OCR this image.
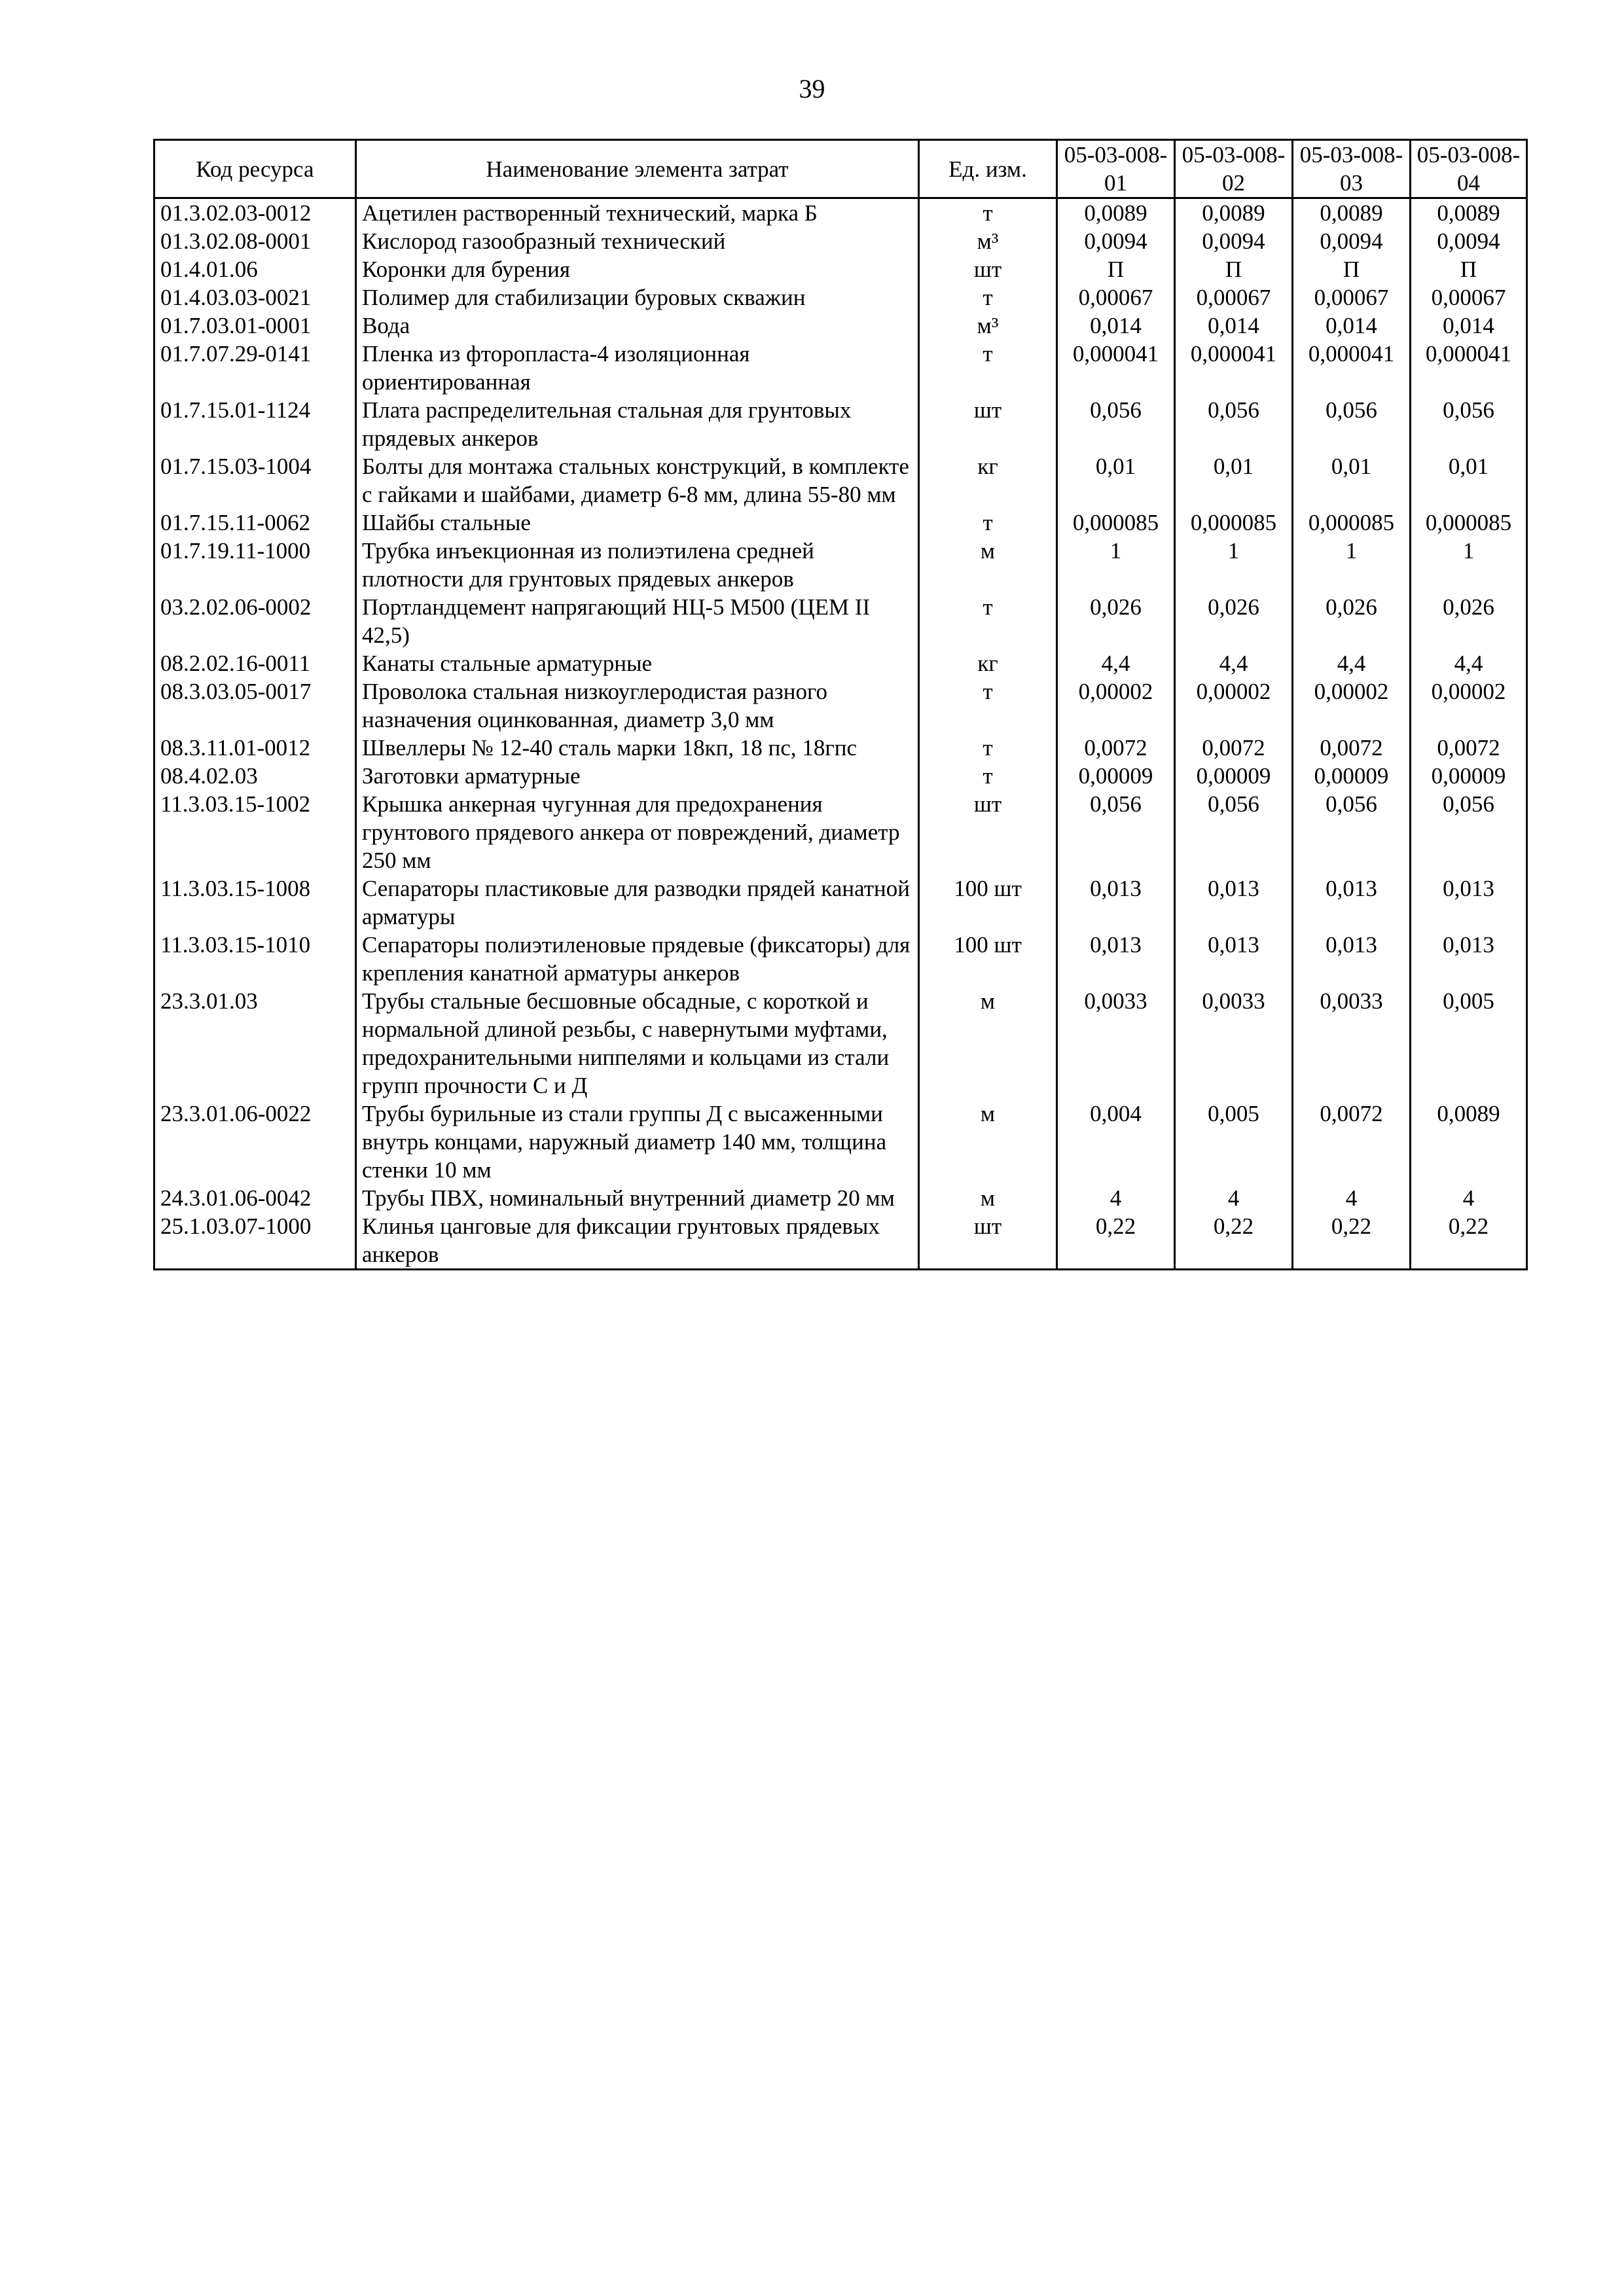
39
Код ресурса	Наименование элемента затрат	Ед. изм.	05-03-008-01	05-03-008-02	05-03-008-03	05-03-008-04
01.3.02.03-0012	Ацетилен растворенный технический, марка Б	т	0,0089	0,0089	0,0089	0,0089
01.3.02.08-0001	Кислород газообразный технический	м³	0,0094	0,0094	0,0094	0,0094
01.4.01.06	Коронки для бурения	шт	П	П	П	П
01.4.03.03-0021	Полимер для стабилизации буровых скважин	т	0,00067	0,00067	0,00067	0,00067
01.7.03.01-0001	Вода	м³	0,014	0,014	0,014	0,014
01.7.07.29-0141	Пленка из фторопласта-4 изоляционная ориентированная	т	0,000041	0,000041	0,000041	0,000041
01.7.15.01-1124	Плата распределительная стальная для грунтовых прядевых анкеров	шт	0,056	0,056	0,056	0,056
01.7.15.03-1004	Болты для монтажа стальных конструкций, в комплекте с гайками и шайбами, диаметр 6-8 мм, длина 55-80 мм	кг	0,01	0,01	0,01	0,01
01.7.15.11-0062	Шайбы стальные	т	0,000085	0,000085	0,000085	0,000085
01.7.19.11-1000	Трубка инъекционная из полиэтилена средней плотности для грунтовых прядевых анкеров	м	1	1	1	1
03.2.02.06-0002	Портландцемент напрягающий НЦ-5 М500 (ЦЕМ II 42,5)	т	0,026	0,026	0,026	0,026
08.2.02.16-0011	Канаты стальные арматурные	кг	4,4	4,4	4,4	4,4
08.3.03.05-0017	Проволока стальная низкоуглеродистая разного назначения оцинкованная, диаметр 3,0 мм	т	0,00002	0,00002	0,00002	0,00002
08.3.11.01-0012	Швеллеры № 12-40 сталь марки 18кп, 18 пс, 18гпс	т	0,0072	0,0072	0,0072	0,0072
08.4.02.03	Заготовки арматурные	т	0,00009	0,00009	0,00009	0,00009
11.3.03.15-1002	Крышка анкерная чугунная для предохранения грунтового прядевого анкера от повреждений, диаметр 250 мм	шт	0,056	0,056	0,056	0,056
11.3.03.15-1008	Сепараторы пластиковые для разводки прядей канатной арматуры	100 шт	0,013	0,013	0,013	0,013
11.3.03.15-1010	Сепараторы полиэтиленовые прядевые (фиксаторы) для крепления канатной арматуры анкеров	100 шт	0,013	0,013	0,013	0,013
23.3.01.03	Трубы стальные бесшовные обсадные, с короткой и нормальной длиной резьбы, с навернутыми муфтами, предохранительными ниппелями и кольцами из стали групп прочности С и Д	м	0,0033	0,0033	0,0033	0,005
23.3.01.06-0022	Трубы бурильные из стали группы Д с высаженными внутрь концами, наружный диаметр 140 мм, толщина стенки 10 мм	м	0,004	0,005	0,0072	0,0089
24.3.01.06-0042	Трубы ПВХ, номинальный внутренний диаметр 20 мм	м	4	4	4	4
25.1.03.07-1000	Клинья цанговые для фиксации грунтовых прядевых анкеров	шт	0,22	0,22	0,22	0,22
